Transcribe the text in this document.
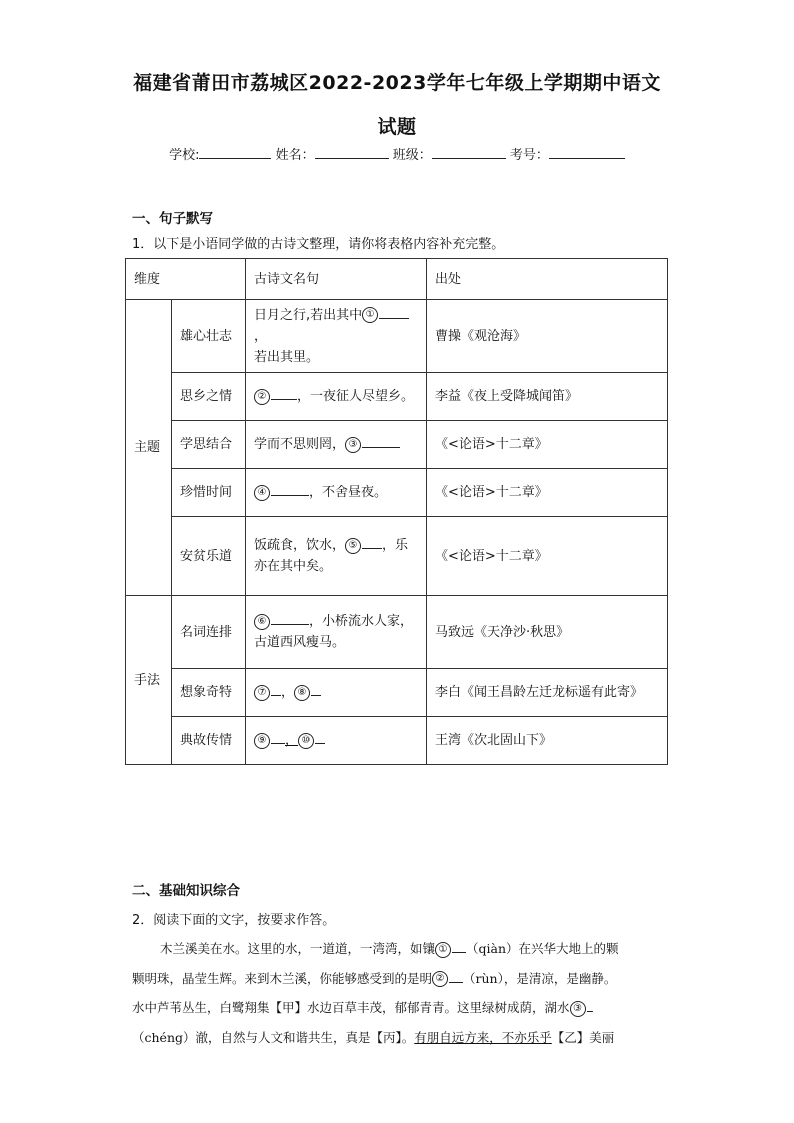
福建省莆田市荔城区2022-2023学年七年级上学期期中语文
试题
学校:	姓名：	班级：	考号：
一、句子默写
1．以下是小语同学做的古诗文整理，请你将表格内容补充完整。
维度		古诗文名句	出处
主题	雄心壮志	日月之行,若出其中 ①，
若出其里。	曹操《观沧海》
	思乡之情	② ，一夜征人尽望乡。	李益《夜上受降城闻笛》
	学思结合	学而不思则罔， ③	《<论语>十二章》
	珍惜时间	④ ，不舍昼夜。	《<论语>十二章》
	安贫乐道	饭疏食，饮水， ⑤ ，乐
亦在其中矣。	《<论语>十二章》
手法	名词连排	⑥ ，小桥流水人家，
古道西风瘦马。	马致远《天净沙·秋思》
	想象奇特	⑦ ， ⑧	李白《闻王昌龄左迁龙标遥有此寄》
	典故传情	⑨ ， ⑩	王湾《次北固山下》
二、基础知识综合
2．阅读下面的文字，按要求作答。
木兰溪美在水。这里的水，一道道，一湾湾，如镶 ① （qiàn）在兴华大地上的颗
颗明珠，晶莹生辉。来到木兰溪，你能够感受到的是明 ② （rùn），是清凉，是幽静。
水中芦苇丛生，白鹭翔集【甲】水边百草丰茂，郁郁青青。这里绿树成荫，湖水 ③
（chéng）澈，自然与人文和谐共生，真是【丙】。有朋自远方来，不亦乐乎【乙】美丽
